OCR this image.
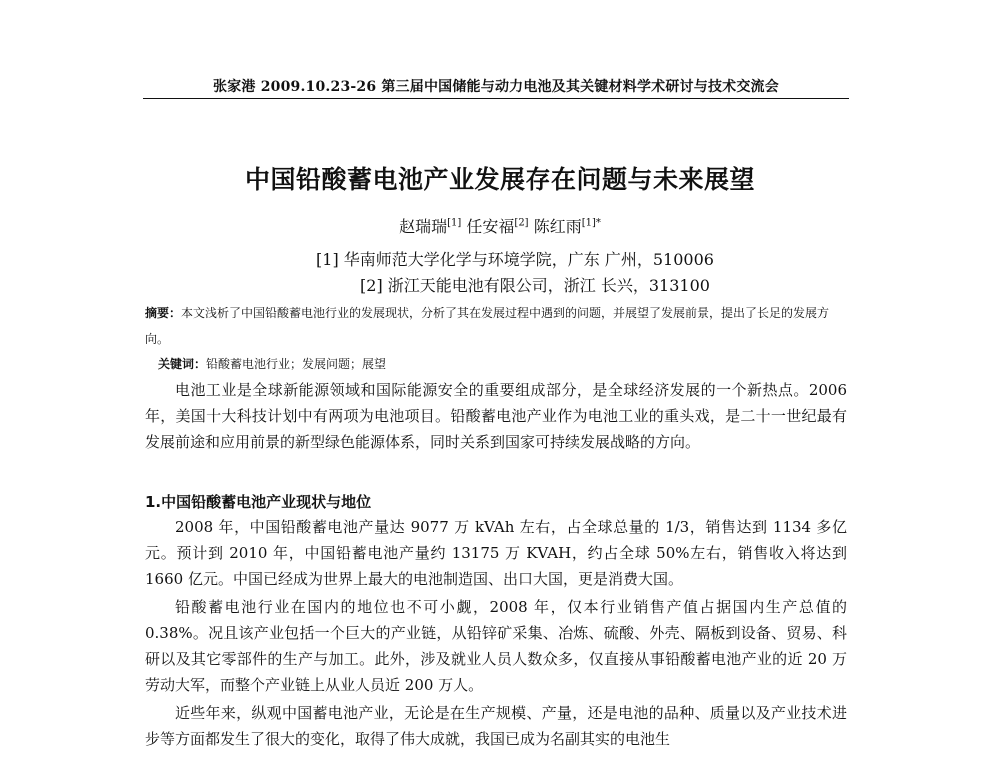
张家港 2009.10.23-26 第三届中国储能与动力电池及其关键材料学术研讨与技术交流会
中国铅酸蓄电池产业发展存在问题与未来展望
赵瑞瑞[1] 任安福[2] 陈红雨$^{[1]*}$
[1] 华南师范大学化学与环境学院，广东 广州，510006
[2] 浙江天能电池有限公司，浙江 长兴，313100
摘要：本文浅析了中国铅酸蓄电池行业的发展现状，分析了其在发展过程中遇到的问题，并展望了发展前景，提出了长足的发展方向。
关键词：铅酸蓄电池行业；发展问题；展望

电池工业是全球新能源领域和国际能源安全的重要组成部分，是全球经济发展的一个新热点。2006 年，美国十大科技计划中有两项为电池项目。铅酸蓄电池产业作为电池工业的重头戏，是二十一世纪最有发展前途和应用前景的新型绿色能源体系，同时关系到国家可持续发展战略的方向。

1.中国铅酸蓄电池产业现状与地位

2008 年，中国铅酸蓄电池产量达 9077 万 kVAh 左右，占全球总量的 1/3，销售达到 1134 多亿元。预计到 2010 年，中国铅蓄电池产量约 13175 万 KVAH，约占全球 50%左右，销售收入将达到 1660 亿元。中国已经成为世界上最大的电池制造国、出口大国，更是消费大国。

铅酸蓄电池行业在国内的地位也不可小觑，2008 年，仅本行业销售产值占据国内生产总值的 0.38%。况且该产业包括一个巨大的产业链，从铅锌矿采集、冶炼、硫酸、外壳、隔板到设备、贸易、科研以及其它零部件的生产与加工。此外，涉及就业人员人数众多，仅直接从事铅酸蓄电池产业的近 20 万劳动大军，而整个产业链上从业人员近 200 万人。

近些年来，纵观中国蓄电池产业，无论是在生产规模、产量，还是电池的品种、质量以及产业技术进步等方面都发生了很大的变化，取得了伟大成就，我国已成为名副其实的电池生
